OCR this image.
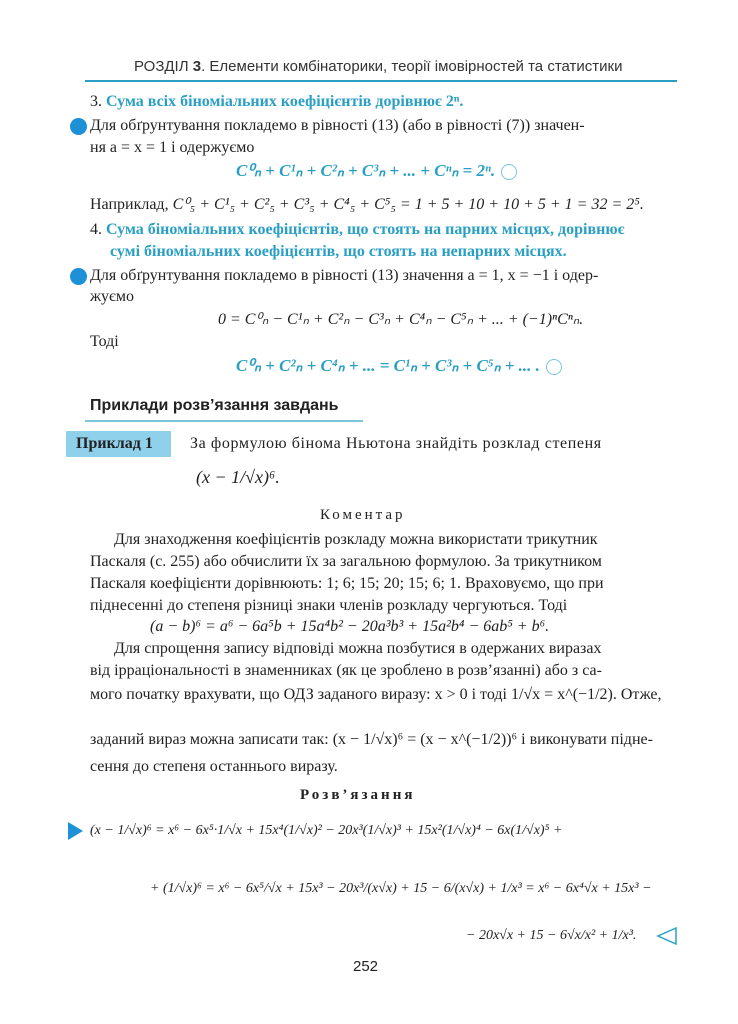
РОЗДІЛ 3. Елементи комбінаторики, теорії імовірностей та статистики
3. Сума всіх біноміальних коефіцієнтів дорівнює 2ⁿ.
Для обґрунтування покладемо в рівності (13) (або в рівності (7)) значен-
ня a = x = 1 і одержуємо
C⁰ₙ + C¹ₙ + C²ₙ + C³ₙ + ... + Cⁿₙ = 2ⁿ.
Наприклад, C⁰₅ + C¹₅ + C²₅ + C³₅ + C⁴₅ + C⁵₅ = 1 + 5 + 10 + 10 + 5 + 1 = 32 = 2⁵.
4. Сума біноміальних коефіцієнтів, що стоять на парних місцях, дорівнює
сумі біноміальних коефіцієнтів, що стоять на непарних місцях.
Для обґрунтування покладемо в рівності (13) значення a = 1, x = −1 і одер-
жуємо
0 = C⁰ₙ − C¹ₙ + C²ₙ − C³ₙ + C⁴ₙ − C⁵ₙ + ... + (−1)ⁿCⁿₙ.
Тоді
C⁰ₙ + C²ₙ + C⁴ₙ + ... = C¹ₙ + C³ₙ + C⁵ₙ + ... .
Приклади розв’язання завдань
Приклад 1 За формулою бінома Ньютона знайдіть розклад степеня
(x − 1/√x)⁶.
Коментар
Для знаходження коефіцієнтів розкладу можна використати трикутник
Паскаля (с. 255) або обчислити їх за загальною формулою. За трикутником
Паскаля коефіцієнти дорівнюють: 1; 6; 15; 20; 15; 6; 1. Враховуємо, що при
піднесенні до степеня різниці знаки членів розкладу чергуються. Тоді
(a − b)⁶ = a⁶ − 6a⁵b + 15a⁴b² − 20a³b³ + 15a²b⁴ − 6ab⁵ + b⁶.
Для спрощення запису відповіді можна позбутися в одержаних виразах
від ірраціональності в знаменниках (як це зроблено в розв’язанні) або з са-
мого початку врахувати, що ОДЗ заданого виразу: x > 0 і тоді 1/√x = x^(−1/2). Отже,
заданий вираз можна записати так: (x − 1/√x)⁶ = (x − x^(−1/2))⁶ і виконувати підне-
сення до степеня останнього виразу.
Розв’язання
(x − 1/√x)⁶ = x⁶ − 6x⁵·1/√x + 15x⁴(1/√x)² − 20x³(1/√x)³ + 15x²(1/√x)⁴ − 6x(1/√x)⁵ +
+ (1/√x)⁶ = x⁶ − 6x⁵/√x + 15x³ − 20x³/(x√x) + 15 − 6/(x√x) + 1/x³ = x⁶ − 6x⁴√x + 15x³ −
− 20x√x + 15 − 6√x/x² + 1/x³.
252
